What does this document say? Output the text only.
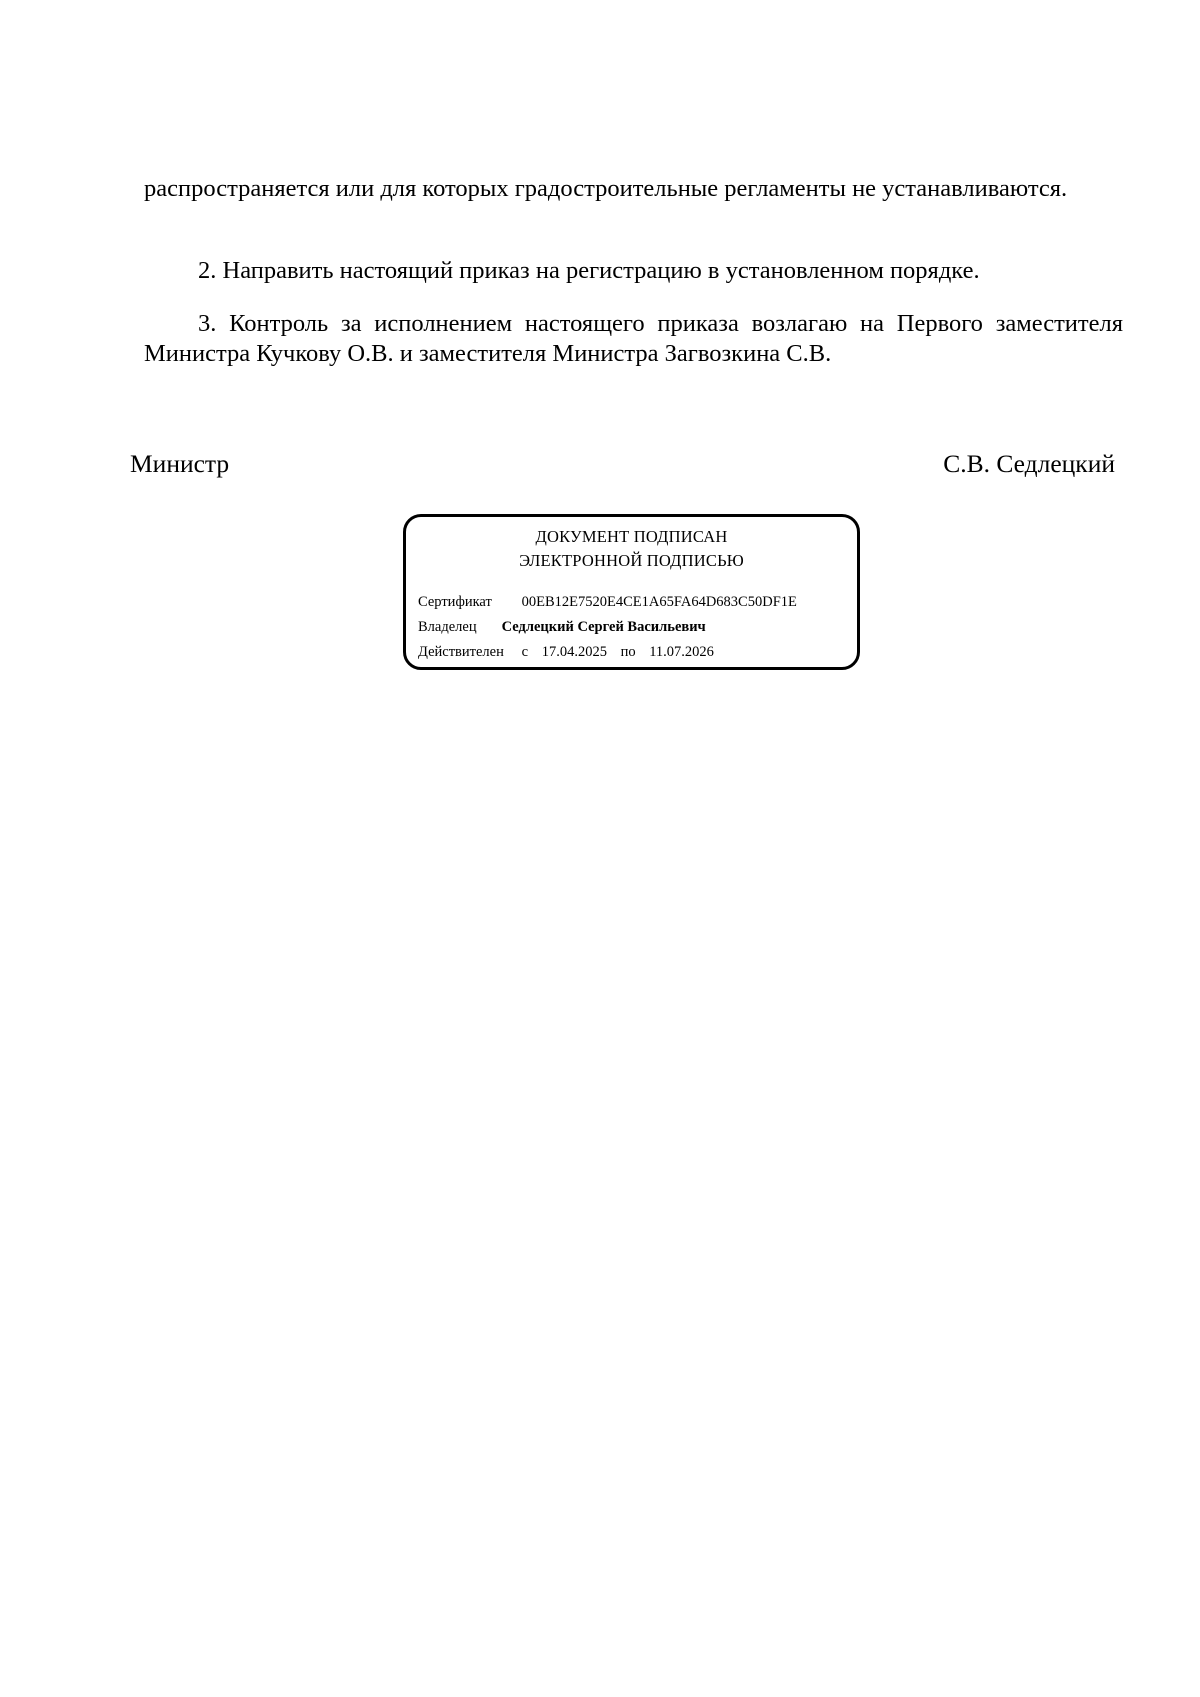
распространяется или для которых градостроительные регламенты не устанавливаются.

2. Направить настоящий приказ на регистрацию в установленном порядке.

3. Контроль за исполнением настоящего приказа возлагаю на Первого заместителя Министра Кучкову О.В. и заместителя Министра Загвозкина С.В.

Министр	С.В. Седлецкий
ДОКУМЕНТ ПОДПИСАН
ЭЛЕКТРОННОЙ ПОДПИСЬЮ
Сертификат 00EB12E7520E4CE1A65FA64D683C50DF1E
Владелец Седлецкий Сергей Васильевич
Действителен с 17.04.2025 по 11.07.2026
